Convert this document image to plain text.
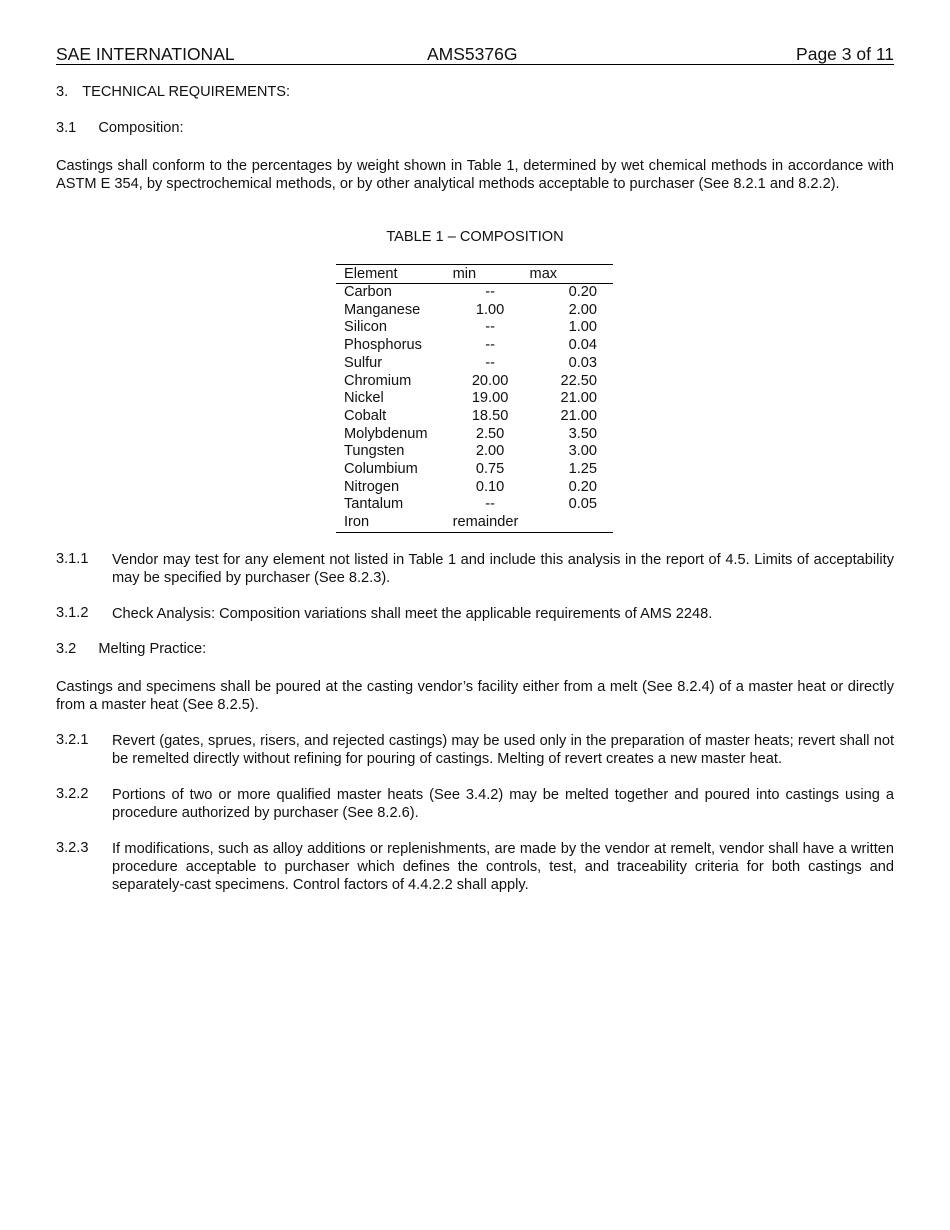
SAE INTERNATIONAL	AMS5376G	Page 3 of 11
3. TECHNICAL REQUIREMENTS:
3.1 Composition:
Castings shall conform to the percentages by weight shown in Table 1, determined by wet chemical methods in accordance with ASTM E 354, by spectrochemical methods, or by other analytical methods acceptable to purchaser (See 8.2.1 and 8.2.2).
TABLE 1 – COMPOSITION
Element	min	max
Carbon	--	0.20
Manganese	1.00	2.00
Silicon	--	1.00
Phosphorus	--	0.04
Sulfur	--	0.03
Chromium	20.00	22.50
Nickel	19.00	21.00
Cobalt	18.50	21.00
Molybdenum	2.50	3.50
Tungsten	2.00	3.00
Columbium	0.75	1.25
Nitrogen	0.10	0.20
Tantalum	--	0.05
Iron	remainder	
3.1.1 Vendor may test for any element not listed in Table 1 and include this analysis in the report of 4.5. Limits of acceptability may be specified by purchaser (See 8.2.3).
3.1.2 Check Analysis: Composition variations shall meet the applicable requirements of AMS 2248.
3.2 Melting Practice:
Castings and specimens shall be poured at the casting vendor’s facility either from a melt (See 8.2.4) of a master heat or directly from a master heat (See 8.2.5).
3.2.1 Revert (gates, sprues, risers, and rejected castings) may be used only in the preparation of master heats; revert shall not be remelted directly without refining for pouring of castings. Melting of revert creates a new master heat.
3.2.2 Portions of two or more qualified master heats (See 3.4.2) may be melted together and poured into castings using a procedure authorized by purchaser (See 8.2.6).
3.2.3 If modifications, such as alloy additions or replenishments, are made by the vendor at remelt, vendor shall have a written procedure acceptable to purchaser which defines the controls, test, and traceability criteria for both castings and separately-cast specimens. Control factors of 4.4.2.2 shall apply.
